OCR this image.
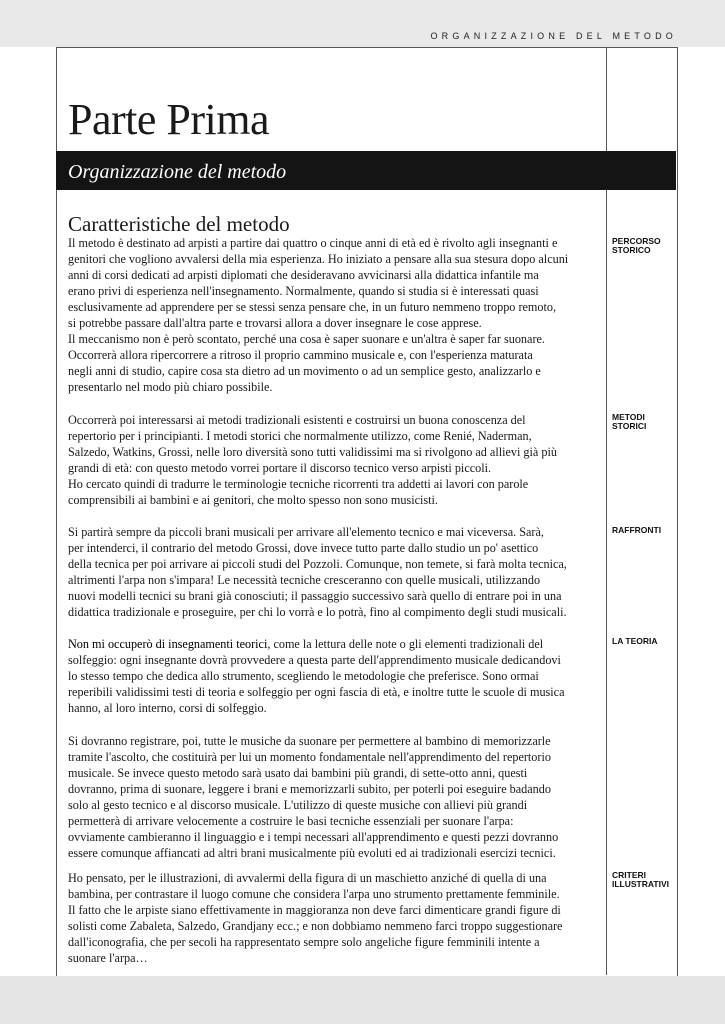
ORGANIZZAZIONE DEL METODO
Parte Prima
Organizzazione del metodo
Caratteristiche del metodo

Il metodo è destinato ad arpisti a partire dai quattro o cinque anni di età ed è rivolto agli insegnanti e

genitori che vogliono avvalersi della mia esperienza. Ho iniziato a pensare alla sua stesura dopo alcuni

anni di corsi dedicati ad arpisti diplomati che desideravano avvicinarsi alla didattica infantile ma

erano privi di esperienza nell'insegnamento. Normalmente, quando si studia si è interessati quasi

esclusivamente ad apprendere per se stessi senza pensare che, in un futuro nemmeno troppo remoto,

si potrebbe passare dall'altra parte e trovarsi allora a dover insegnare le cose apprese.

Il meccanismo non è però scontato, perché una cosa è saper suonare e un'altra è saper far suonare.

Occorrerà allora ripercorrere a ritroso il proprio cammino musicale e, con l'esperienza maturata

negli anni di studio, capire cosa sta dietro ad un movimento o ad un semplice gesto, analizzarlo e

presentarlo nel modo più chiaro possibile.

PERCORSO
STORICO

Occorrerà poi interessarsi ai metodi tradizionali esistenti e costruirsi un buona conoscenza del

repertorio per i principianti. I metodi storici che normalmente utilizzo, come Renié, Naderman,

Salzedo, Watkins, Grossi, nelle loro diversità sono tutti validissimi ma si rivolgono ad allievi già più

grandi di età: con questo metodo vorrei portare il discorso tecnico verso arpisti piccoli.

Ho cercato quindi di tradurre le terminologie tecniche ricorrenti tra addetti ai lavori con parole

comprensibili ai bambini e ai genitori, che molto spesso non sono musicisti.

METODI
STORICI

Si partirà sempre da piccoli brani musicali per arrivare all'elemento tecnico e mai viceversa. Sarà,

per intenderci, il contrario del metodo Grossi, dove invece tutto parte dallo studio un po' asettico

della tecnica per poi arrivare ai piccoli studi del Pozzoli. Comunque, non temete, si farà molta tecnica,

altrimenti l'arpa non s'impara! Le necessità tecniche cresceranno con quelle musicali, utilizzando

nuovi modelli tecnici su brani già conosciuti; il passaggio successivo sarà quello di entrare poi in una

didattica tradizionale e proseguire, per chi lo vorrà e lo potrà, fino al compimento degli studi musicali.

RAFFRONTI

Non mi occuperò di insegnamenti teorici, come la lettura delle note o gli elementi tradizionali del

solfeggio: ogni insegnante dovrà provvedere a questa parte dell'apprendimento musicale dedicandovi

lo stesso tempo che dedica allo strumento, scegliendo le metodologie che preferisce. Sono ormai

reperibili validissimi testi di teoria e solfeggio per ogni fascia di età, e inoltre tutte le scuole di musica

hanno, al loro interno, corsi di solfeggio.

LA TEORIA

Si dovranno registrare, poi, tutte le musiche da suonare per permettere al bambino di memorizzarle

tramite l'ascolto, che costituirà per lui un momento fondamentale nell'apprendimento del repertorio

musicale. Se invece questo metodo sarà usato dai bambini più grandi, di sette-otto anni, questi

dovranno, prima di suonare, leggere i brani e memorizzarli subito, per poterli poi eseguire badando

solo al gesto tecnico e al discorso musicale. L'utilizzo di queste musiche con allievi più grandi

permetterà di arrivare velocemente a costruire le basi tecniche essenziali per suonare l'arpa:

ovviamente cambieranno il linguaggio e i tempi necessari all'apprendimento e questi pezzi dovranno

essere comunque affiancati ad altri brani musicalmente più evoluti ed ai tradizionali esercizi tecnici.

Ho pensato, per le illustrazioni, di avvalermi della figura di un maschietto anziché di quella di una

bambina, per contrastare il luogo comune che considera l'arpa uno strumento prettamente femminile.

Il fatto che le arpiste siano effettivamente in maggioranza non deve farci dimenticare grandi figure di

solisti come Zabaleta, Salzedo, Grandjany ecc.; e non dobbiamo nemmeno farci troppo suggestionare

dall'iconografia, che per secoli ha rappresentato sempre solo angeliche figure femminili intente a

suonare l'arpa…

CRITERI
ILLUSTRATIVI
